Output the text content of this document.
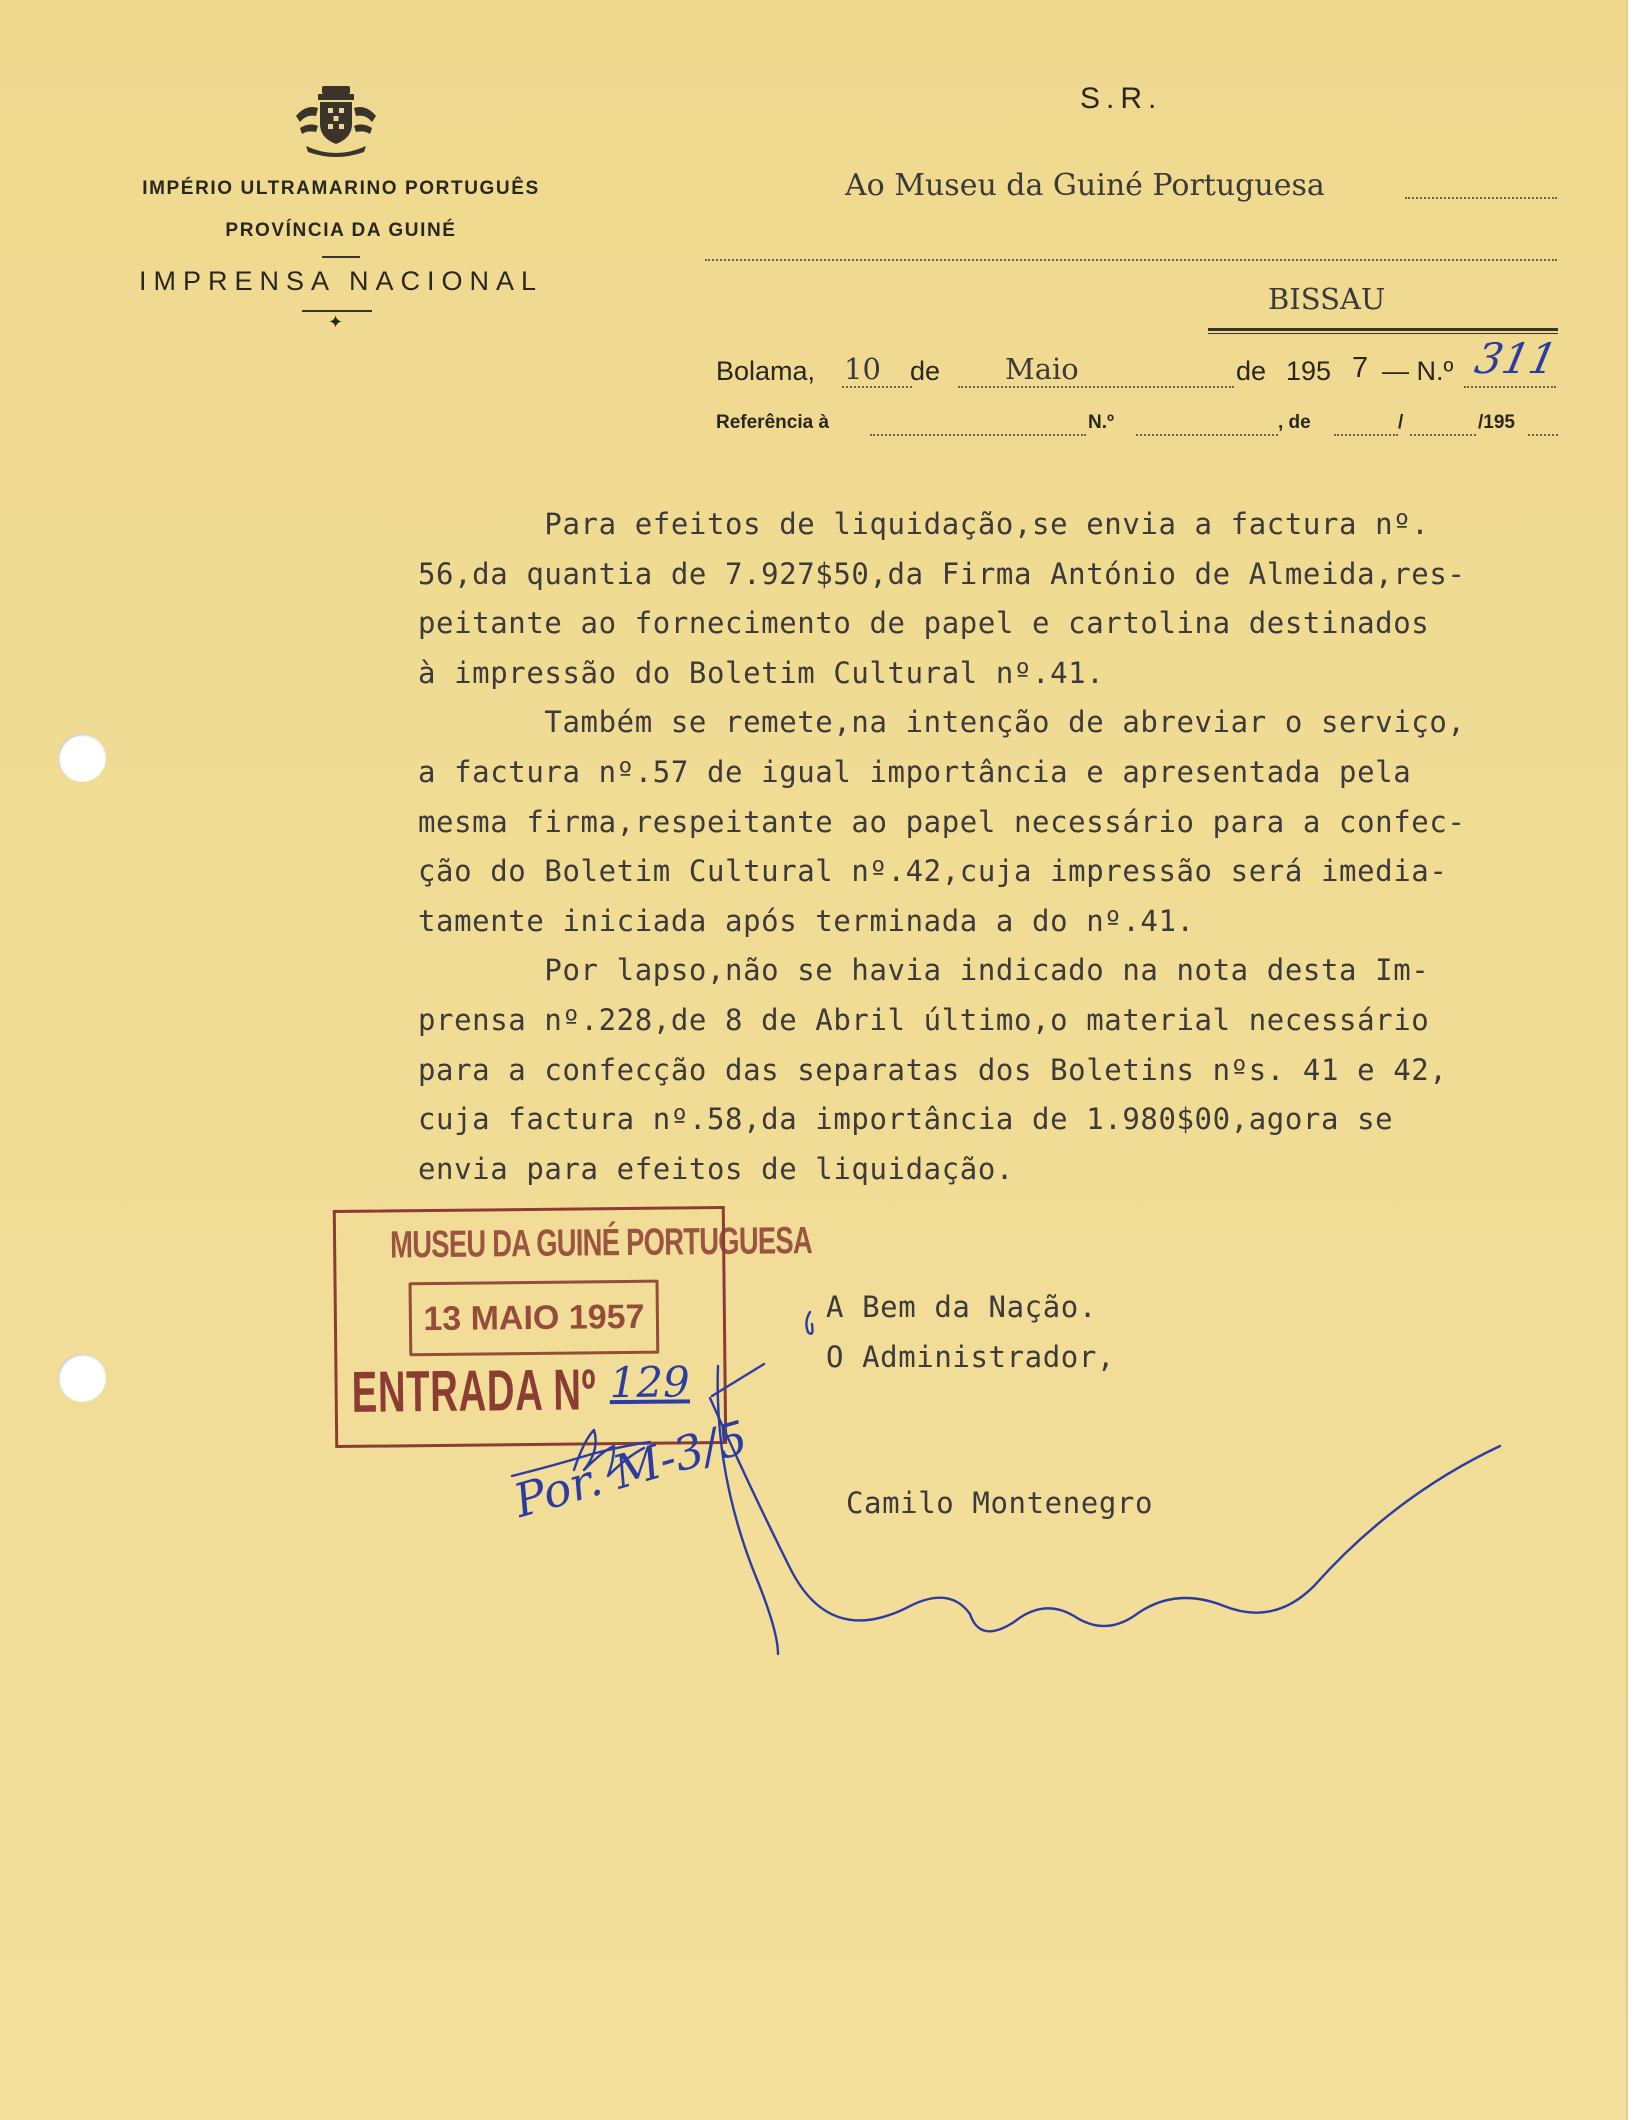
IMPÉRIO ULTRAMARINO PORTUGUÊS
PROVÍNCIA DA GUINÉ
IMPRENSA NACIONAL
✦
S.R.
Ao Museu da Guiné Portuguesa
BISSAU
Bolama, 10 de Maio	de 195 7 — N.º 311
Referência à	N.º	, de	/	/195

Para efeitos de liquidação,se envia a factura nº.

56,da quantia de 7.927$50,da Firma António de Almeida,res-

peitante ao fornecimento de papel e cartolina destinados

à impressão do Boletim Cultural nº.41.

Também se remete,na intenção de abreviar o serviço,

a factura nº.57 de igual importância e apresentada pela

mesma firma,respeitante ao papel necessário para a confec-

ção do Boletim Cultural nº.42,cuja impressão será imedia-

tamente iniciada após terminada a do nº.41.

Por lapso,não se havia indicado na nota desta Im-

prensa nº.228,de 8 de Abril último,o material necessário

para a confecção das separatas dos Boletins nºs. 41 e 42,

cuja factura nº.58,da importância de 1.980$00,agora se

envia para efeitos de liquidação.

A Bem da Nação.
O Administrador,
Camilo Montenegro
MUSEU DA GUINÉ PORTUGUESA
13 MAIO 1957
ENTRADA Nº 129
Por. M-3/5
